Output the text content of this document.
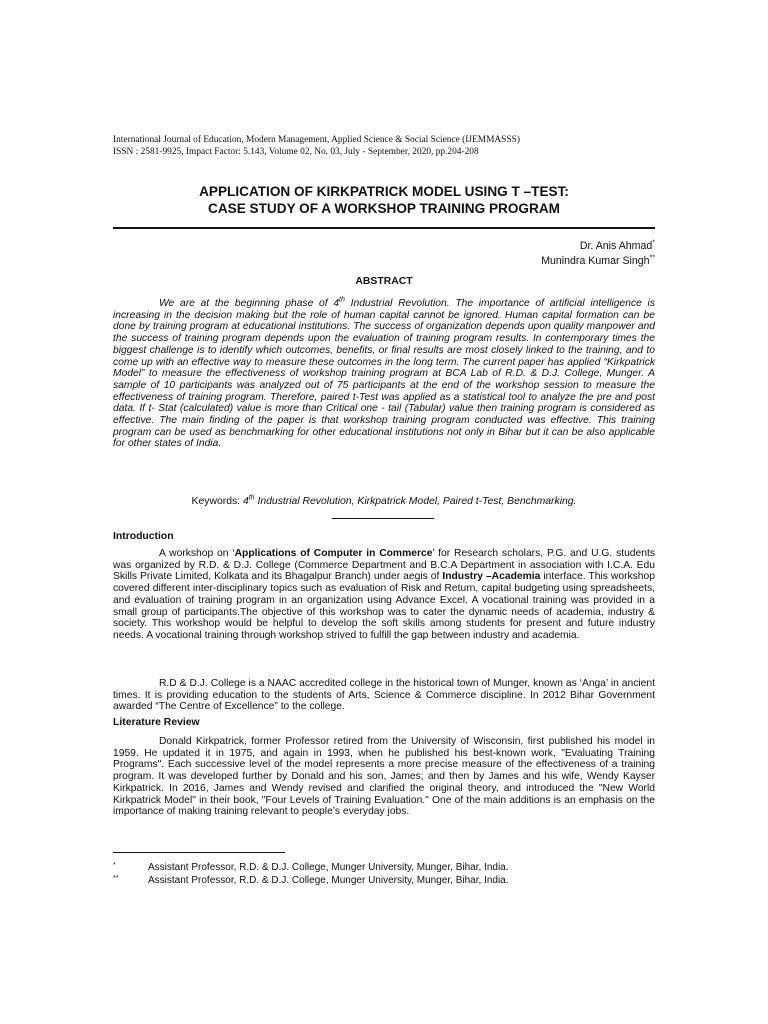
International Journal of Education, Modern Management, Applied Science & Social Science (IJEMMASSS)
ISSN : 2581-9925, Impact Factor: 5.143, Volume 02, No. 03, July - September, 2020, pp.204-208
APPLICATION OF KIRKPATRICK MODEL USING T –TEST:
CASE STUDY OF A WORKSHOP TRAINING PROGRAM
Dr. Anis Ahmad*
Munindra Kumar Singh**
ABSTRACT

We are at the beginning phase of 4th Industrial Revolution. The importance of artificial intelligence is increasing in the decision making but the role of human capital cannot be ignored. Human capital formation can be done by training program at educational institutions. The success of organization depends upon quality manpower and the success of training program depends upon the evaluation of training program results. In contemporary times the biggest challenge is to identify which outcomes, benefits, or final results are most closely linked to the training, and to come up with an effective way to measure these outcomes in the long term. The current paper has applied “Kirkpatrick Model” to measure the effectiveness of workshop training program at BCA Lab of R.D. & D.J. College, Munger. A sample of 10 participants was analyzed out of 75 participants at the end of the workshop session to measure the effectiveness of training program. Therefore, paired t-Test was applied as a statistical tool to analyze the pre and post data. If t- Stat (calculated) value is more than Critical one - tail (Tabular) value then training program is considered as effective. The main finding of the paper is that workshop training program conducted was effective. This training program can be used as benchmarking for other educational institutions not only in Bihar but it can be also applicable for other states of India.

Keywords: 4th Industrial Revolution, Kirkpatrick Model, Paired t-Test, Benchmarking.
Introduction

A workshop on ‘Applications of Computer in Commerce’ for Research scholars, P.G. and U.G. students was organized by R.D. & D.J. College (Commerce Department and B.C.A Department in association with I.C.A. Edu Skills Private Limited, Kolkata and its Bhagalpur Branch) under aegis of Industry –Academia interface. This workshop covered different inter-disciplinary topics such as evaluation of Risk and Return, capital budgeting using spreadsheets, and evaluation of training program in an organization using Advance Excel. A vocational training was provided in a small group of participants.The objective of this workshop was to cater the dynamic needs of academia, industry & society. This workshop would be helpful to develop the soft skills among students for present and future industry needs. A vocational training through workshop strived to fulfill the gap between industry and academia.

R.D & D.J. College is a NAAC accredited college in the historical town of Munger, known as ‘Anga’ in ancient times. It is providing education to the students of Arts, Science & Commerce discipline. In 2012 Bihar Government awarded “The Centre of Excellence” to the college.

Literature Review

Donald Kirkpatrick, former Professor retired from the University of Wisconsin, first published his model in 1959. He updated it in 1975, and again in 1993, when he published his best-known work, "Evaluating Training Programs". Each successive level of the model represents a more precise measure of the effectiveness of a training program. It was developed further by Donald and his son, James; and then by James and his wife, Wendy Kayser Kirkpatrick. In 2016, James and Wendy revised and clarified the original theory, and introduced the "New World Kirkpatrick Model" in their book, "Four Levels of Training Evaluation." One of the main additions is an emphasis on the importance of making training relevant to people’s everyday jobs.

*	Assistant Professor, R.D. & D.J. College, Munger University, Munger, Bihar, India.
**	Assistant Professor, R.D. & D.J. College, Munger University, Munger, Bihar, India.
